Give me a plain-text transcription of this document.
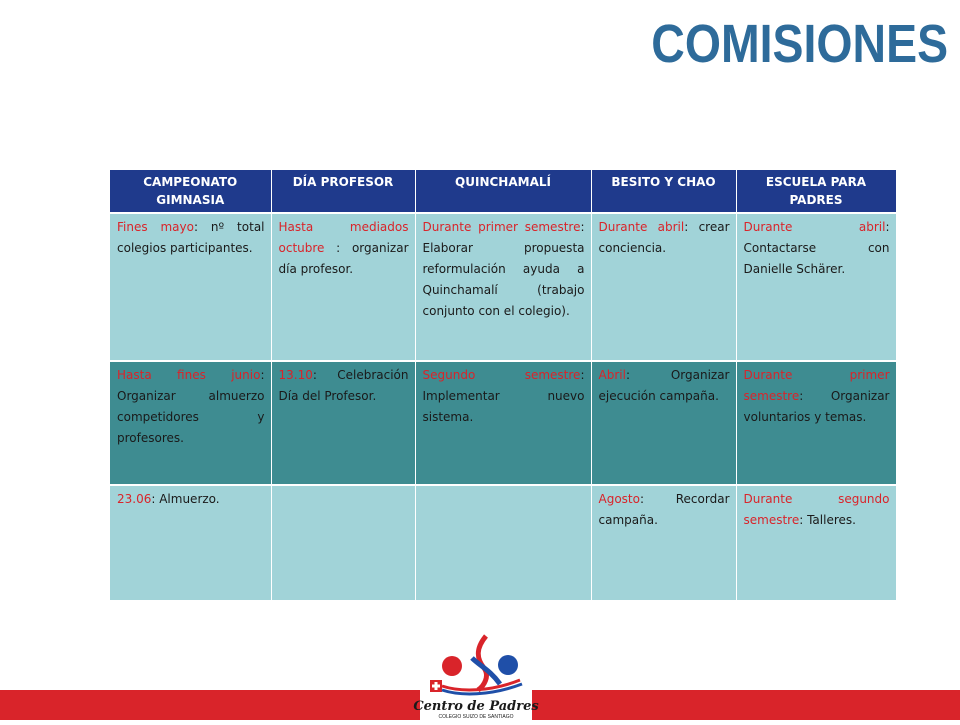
COMISIONES
CAMPEONATO GIMNASIA	DÍA PROFESOR	QUINCHAMALÍ	BESITO Y CHAO	ESCUELA PARA PADRES
Fines mayo: nº total colegios participantes.	Hasta mediados octubre : organizar día profesor.	Durante primer semestre: Elaborar propuesta reformulación ayuda a Quinchamalí (trabajo conjunto con el colegio).	Durante abril: crear conciencia.	Durante abril: Contactarse con Danielle Schärer.
Hasta fines junio: Organizar almuerzo competidores y profesores.	13.10: Celebración Día del Profesor.	Segundo semestre: Implementar nuevo sistema.	Abril: Organizar ejecución campaña.	Durante primer semestre: Organizar voluntarios y temas.
23.06: Almuerzo.			Agosto: Recordar campaña.	Durante segundo semestre: Talleres.
Centro de Padres
COLEGIO SUIZO DE SANTIAGO
